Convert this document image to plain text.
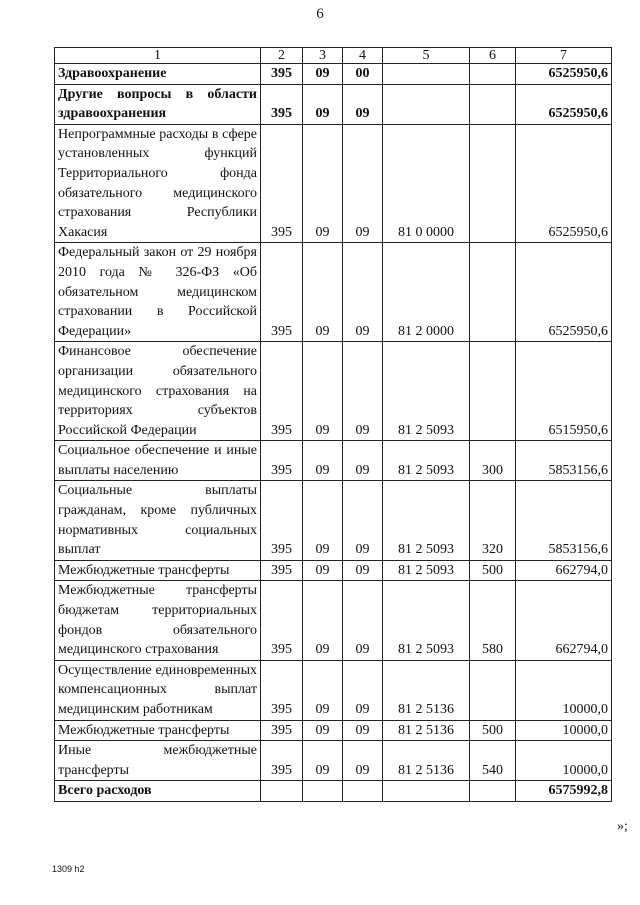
6
1	2	3	4	5	6	7
Здравоохранение	395	09	00			6525950,6
Другие вопросы в области здравоохранения	395	09	09			6525950,6
Непрограммные расходы в сфере установленных функций Территориального фонда обязательного медицинского страхования Республики Хакасия	395	09	09	81 0 0000		6525950,6
Федеральный закон от 29 ноября 2010 года № 326-ФЗ «Об обязательном медицинском страховании в Российской Федерации»	395	09	09	81 2 0000		6525950,6
Финансовое обеспечение организации обязательного медицинского страхования на территориях субъектов Российской Федерации	395	09	09	81 2 5093		6515950,6
Социальное обеспечение и иные выплаты населению	395	09	09	81 2 5093	300	5853156,6
Социальные выплаты гражданам, кроме публичных нормативных социальных выплат	395	09	09	81 2 5093	320	5853156,6
Межбюджетные трансферты	395	09	09	81 2 5093	500	662794,0
Межбюджетные трансферты бюджетам территориальных фондов обязательного медицинского страхования	395	09	09	81 2 5093	580	662794,0
Осуществление единовременных компенсационных выплат медицинским работникам	395	09	09	81 2 5136		10000,0
Межбюджетные трансферты	395	09	09	81 2 5136	500	10000,0
Иные межбюджетные трансферты	395	09	09	81 2 5136	540	10000,0
Всего расходов						6575992,8
»;
1309 h2
